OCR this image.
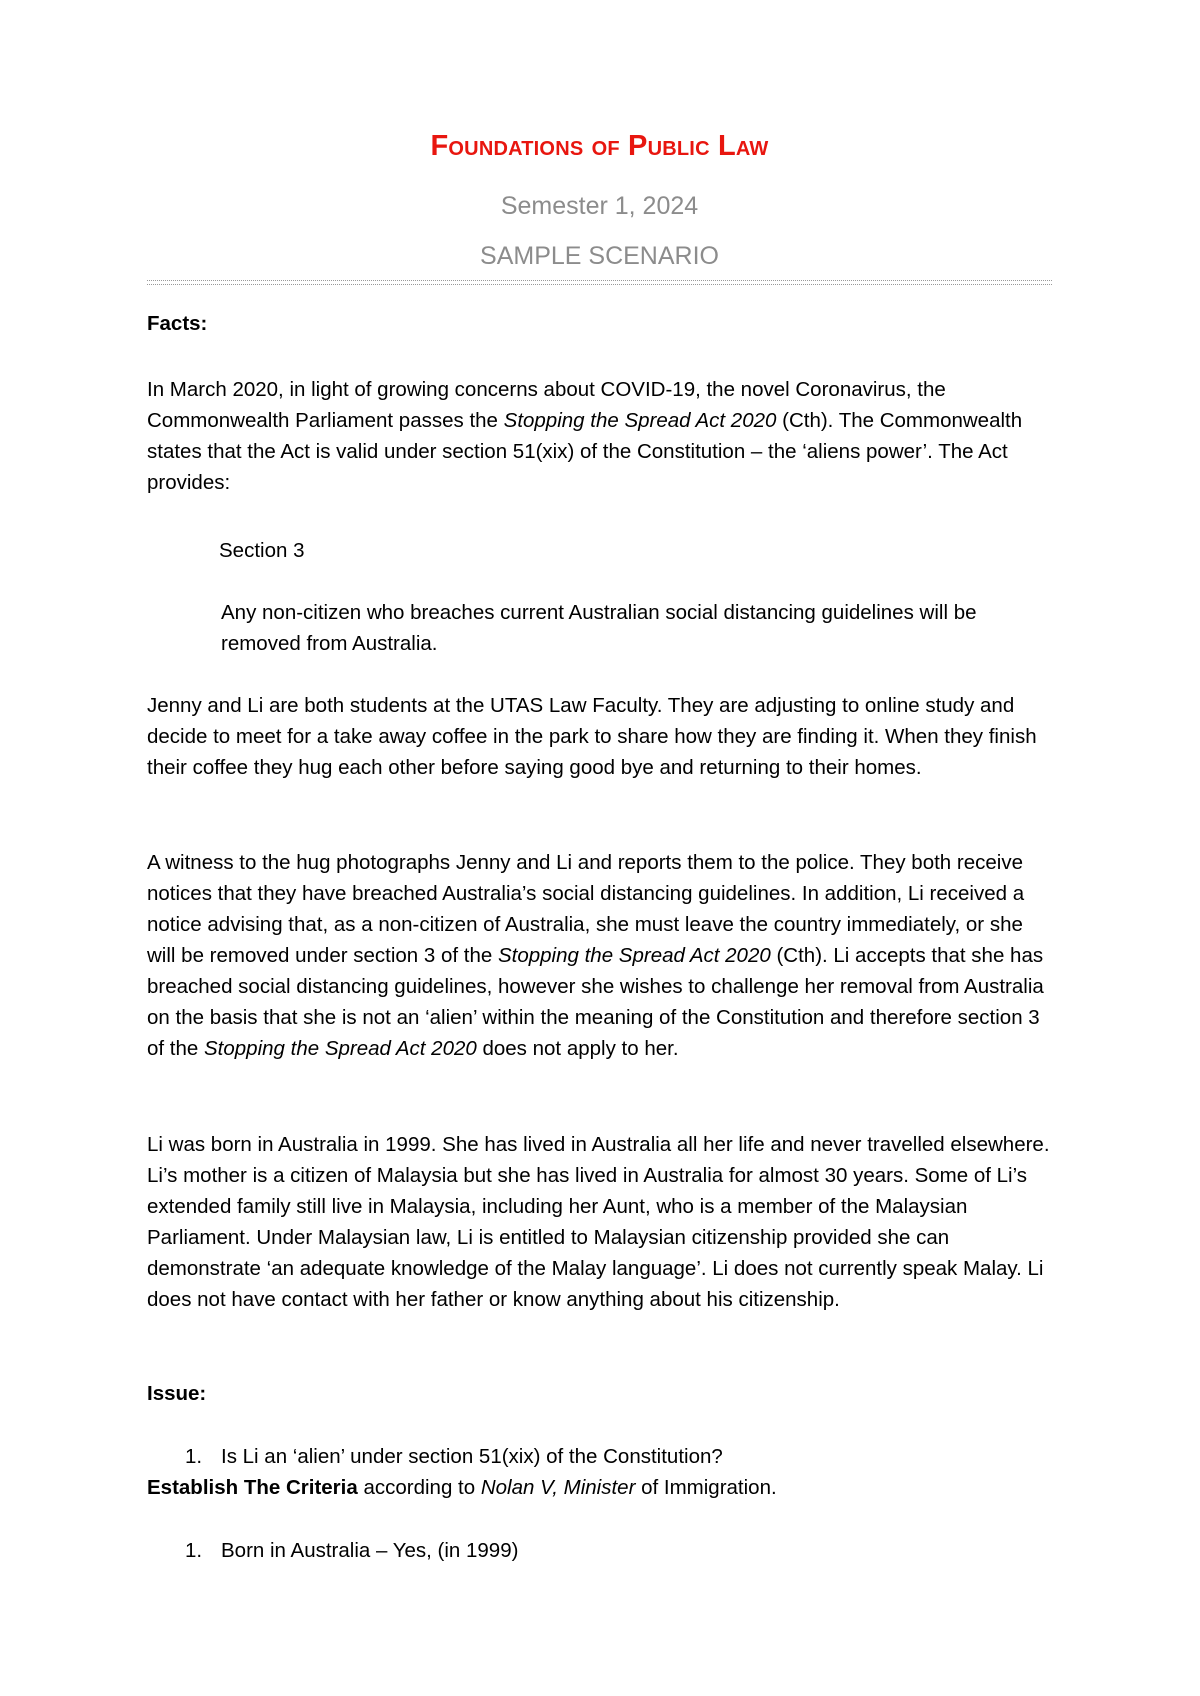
Foundations of Public Law

Semester 1, 2024

SAMPLE SCENARIO

Facts:

In March 2020, in light of growing concerns about COVID-19, the novel Coronavirus, the Commonwealth Parliament passes the Stopping the Spread Act 2020 (Cth). The Commonwealth states that the Act is valid under section 51(xix) of the Constitution – the ‘aliens power’. The Act provides:

Section 3

Any non-citizen who breaches current Australian social distancing guidelines will be removed from Australia.

Jenny and Li are both students at the UTAS Law Faculty. They are adjusting to online study and decide to meet for a take away coffee in the park to share how they are finding it. When they finish their coffee they hug each other before saying good bye and returning to their homes.

A witness to the hug photographs Jenny and Li and reports them to the police. They both receive notices that they have breached Australia’s social distancing guidelines. In addition, Li received a notice advising that, as a non-citizen of Australia, she must leave the country immediately, or she will be removed under section 3 of the Stopping the Spread Act 2020 (Cth). Li accepts that she has breached social distancing guidelines, however she wishes to challenge her removal from Australia on the basis that she is not an ‘alien’ within the meaning of the Constitution and therefore section 3 of the Stopping the Spread Act 2020 does not apply to her.

Li was born in Australia in 1999. She has lived in Australia all her life and never travelled elsewhere. Li’s mother is a citizen of Malaysia but she has lived in Australia for almost 30 years. Some of Li’s extended family still live in Malaysia, including her Aunt, who is a member of the Malaysian Parliament. Under Malaysian law, Li is entitled to Malaysian citizenship provided she can demonstrate ‘an adequate knowledge of the Malay language’. Li does not currently speak Malay. Li does not have contact with her father or know anything about his citizenship.

Issue:

1. Is Li an ‘alien’ under section 51(xix) of the Constitution?

Establish The Criteria according to Nolan V, Minister of Immigration.

1. Born in Australia – Yes, (in 1999)
